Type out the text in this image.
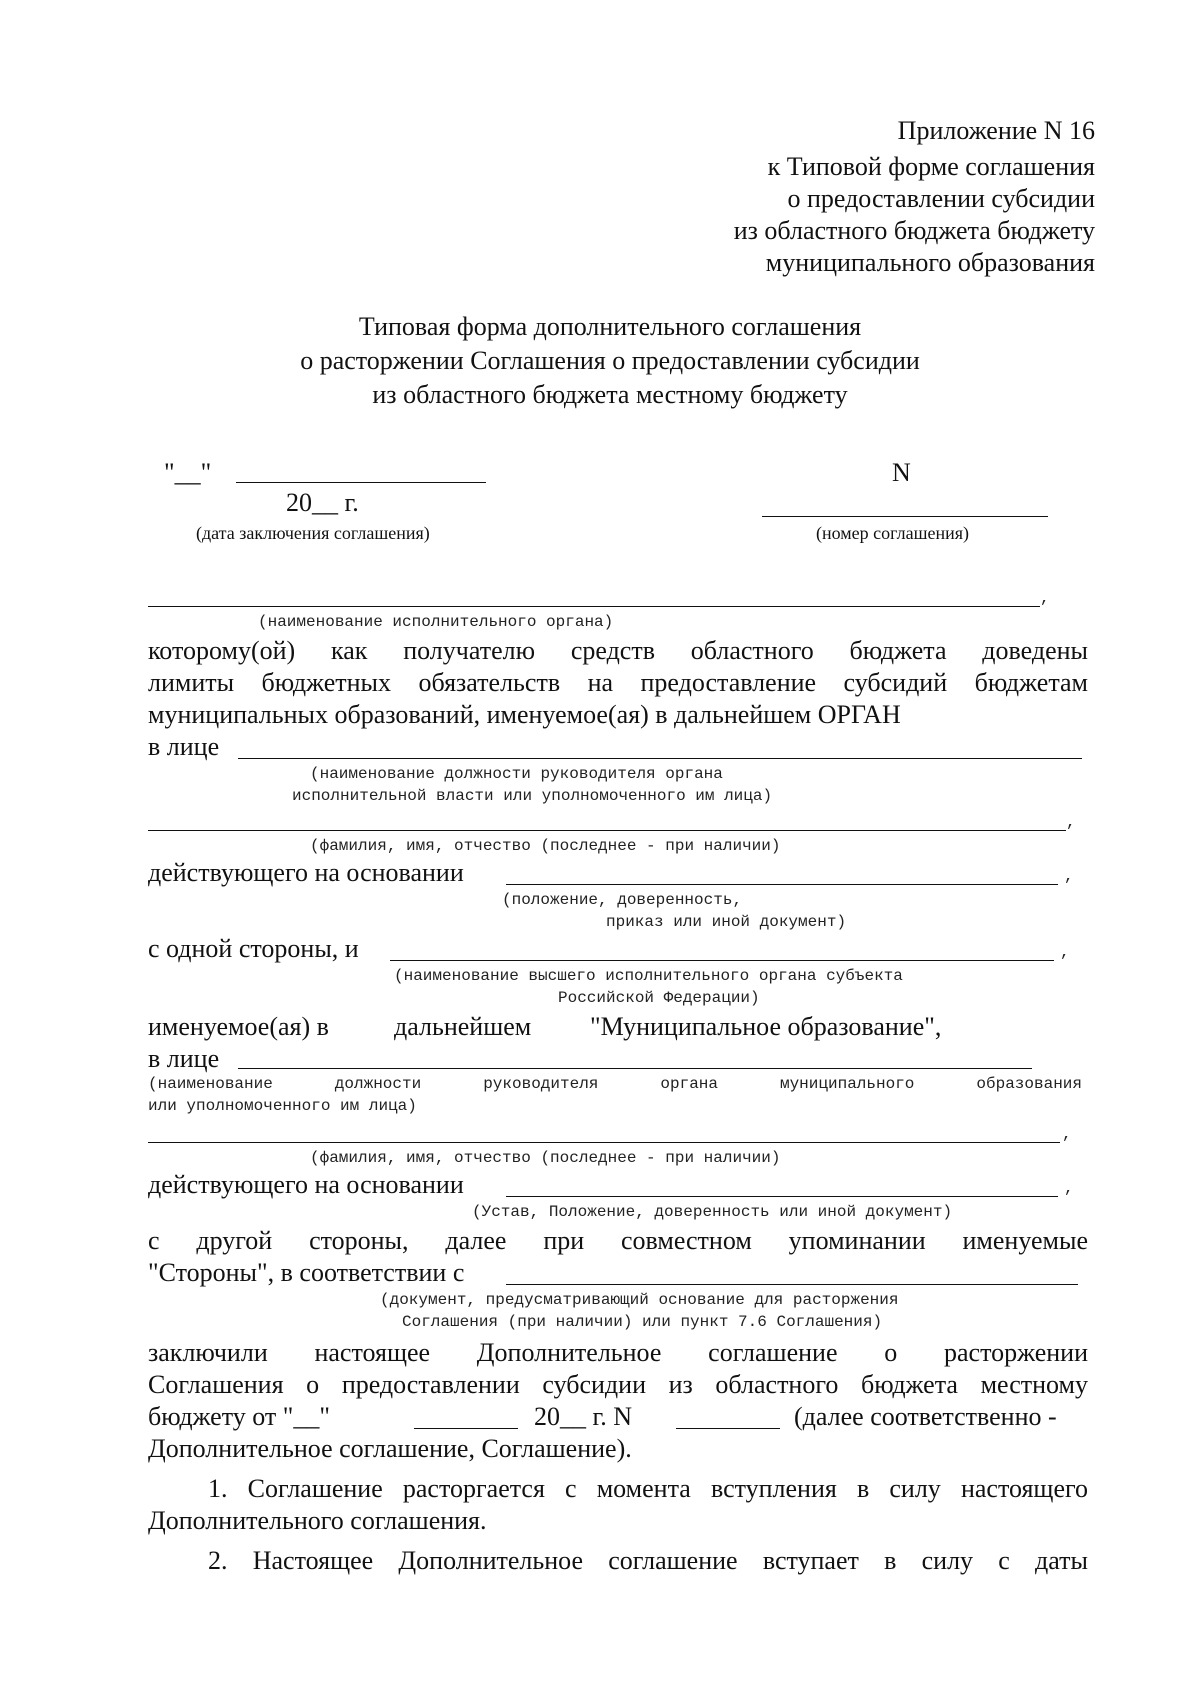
Приложение N 16
к Типовой форме соглашения
о предоставлении субсидии
из областного бюджета бюджету
муниципального образования
Типовая форма дополнительного соглашения
о расторжении Соглашения о предоставлении субсидии
из областного бюджета местному бюджету
"__"
20__ г.
(дата заключения соглашения)
N
(номер соглашения)
,
(наименование исполнительного органа)
которому(ой) как получателю средств областного бюджета доведены
лимиты бюджетных обязательств на предоставление субсидий бюджетам
муниципальных образований, именуемое(ая) в дальнейшем ОРГАН
в лице
(наименование должности руководителя органа
исполнительной власти или уполномоченного им лица)
,
(фамилия, имя, отчество (последнее - при наличии)
действующего на основании	,
(положение, доверенность,
приказ или иной документ)
с одной стороны, и	,
(наименование высшего исполнительного органа субъекта
Российской Федерации)
именуемое(ая) в	дальнейшем "Муниципальное образование",
в лице
(наименование должности руководителя органа муниципального образования
или уполномоченного им лица)
,
(фамилия, имя, отчество (последнее - при наличии)
действующего на основании	,
(Устав, Положение, доверенность или иной документ)
с другой стороны, далее при совместном упоминании именуемые
"Стороны", в соответствии с
(документ, предусматривающий основание для расторжения
Соглашения (при наличии) или пункт 7.6 Соглашения)
заключили настоящее Дополнительное соглашение о расторжении
Соглашения о предоставлении субсидии из областного бюджета местному
бюджету от "__"	20__ г. N	(далее соответственно -
Дополнительное соглашение, Соглашение).
1. Соглашение расторгается с момента вступления в силу настоящего
Дополнительного соглашения.
2. Настоящее Дополнительное соглашение вступает в силу с даты
